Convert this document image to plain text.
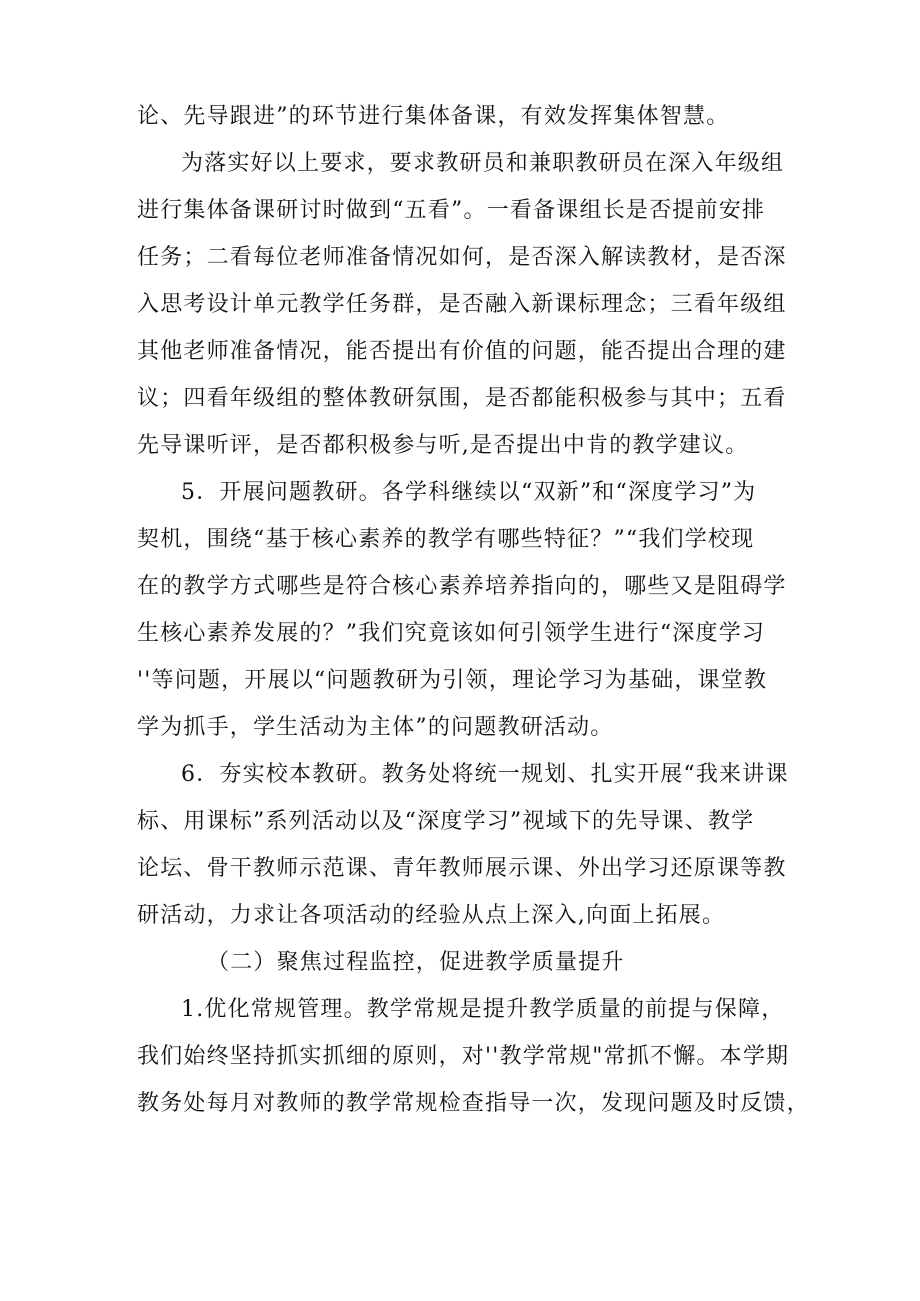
论、先导跟进”的环节进行集体备课，有效发挥集体智慧。
为落实好以上要求，要求教研员和兼职教研员在深入年级组
进行集体备课研讨时做到“五看”。一看备课组长是否提前安排
任务；二看每位老师准备情况如何，是否深入解读教材，是否深
入思考设计单元教学任务群，是否融入新课标理念；三看年级组
其他老师准备情况，能否提出有价值的问题，能否提出合理的建
议；四看年级组的整体教研氛围，是否都能积极参与其中；五看
先导课听评，是否都积极参与听,是否提出中肯的教学建议。
5．开展问题教研。各学科继续以“双新”和“深度学习”为
契机，围绕“基于核心素养的教学有哪些特征？”“我们学校现
在的教学方式哪些是符合核心素养培养指向的，哪些又是阻碍学
生核心素养发展的？”我们究竟该如何引领学生进行“深度学习
''等问题，开展以“问题教研为引领，理论学习为基础，课堂教
学为抓手，学生活动为主体”的问题教研活动。
6．夯实校本教研。教务处将统一规划、扎实开展“我来讲课
标、用课标”系列活动以及“深度学习”视域下的先导课、教学
论坛、骨干教师示范课、青年教师展示课、外出学习还原课等教
研活动，力求让各项活动的经验从点上深入,向面上拓展。
（二）聚焦过程监控，促进教学质量提升
1.优化常规管理。教学常规是提升教学质量的前提与保障，
我们始终坚持抓实抓细的原则，对''教学常规"常抓不懈。本学期
教务处每月对教师的教学常规检查指导一次，发现问题及时反馈，
